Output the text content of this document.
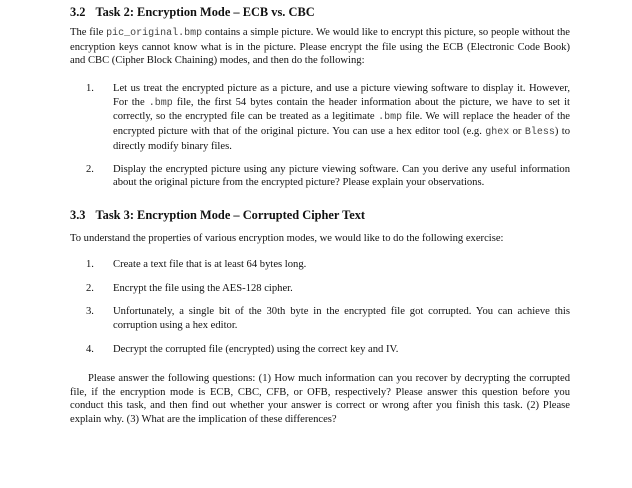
3.2 Task 2: Encryption Mode – ECB vs. CBC

The file pic_original.bmp contains a simple picture. We would like to encrypt this picture, so people without the encryption keys cannot know what is in the picture. Please encrypt the file using the ECB (Electronic Code Book) and CBC (Cipher Block Chaining) modes, and then do the following:

1. Let us treat the encrypted picture as a picture, and use a picture viewing software to display it. However, For the .bmp file, the first 54 bytes contain the header information about the picture, we have to set it correctly, so the encrypted file can be treated as a legitimate .bmp file. We will replace the header of the encrypted picture with that of the original picture. You can use a hex editor tool (e.g. ghex or Bless) to directly modify binary files.
2. Display the encrypted picture using any picture viewing software. Can you derive any useful information about the original picture from the encrypted picture? Please explain your observations.
3.3 Task 3: Encryption Mode – Corrupted Cipher Text

To understand the properties of various encryption modes, we would like to do the following exercise:

1. Create a text file that is at least 64 bytes long.
2. Encrypt the file using the AES-128 cipher.
3. Unfortunately, a single bit of the 30th byte in the encrypted file got corrupted. You can achieve this corruption using a hex editor.
4. Decrypt the corrupted file (encrypted) using the correct key and IV.

Please answer the following questions: (1) How much information can you recover by decrypting the corrupted file, if the encryption mode is ECB, CBC, CFB, or OFB, respectively? Please answer this question before you conduct this task, and then find out whether your answer is correct or wrong after you finish this task. (2) Please explain why. (3) What are the implication of these differences?
